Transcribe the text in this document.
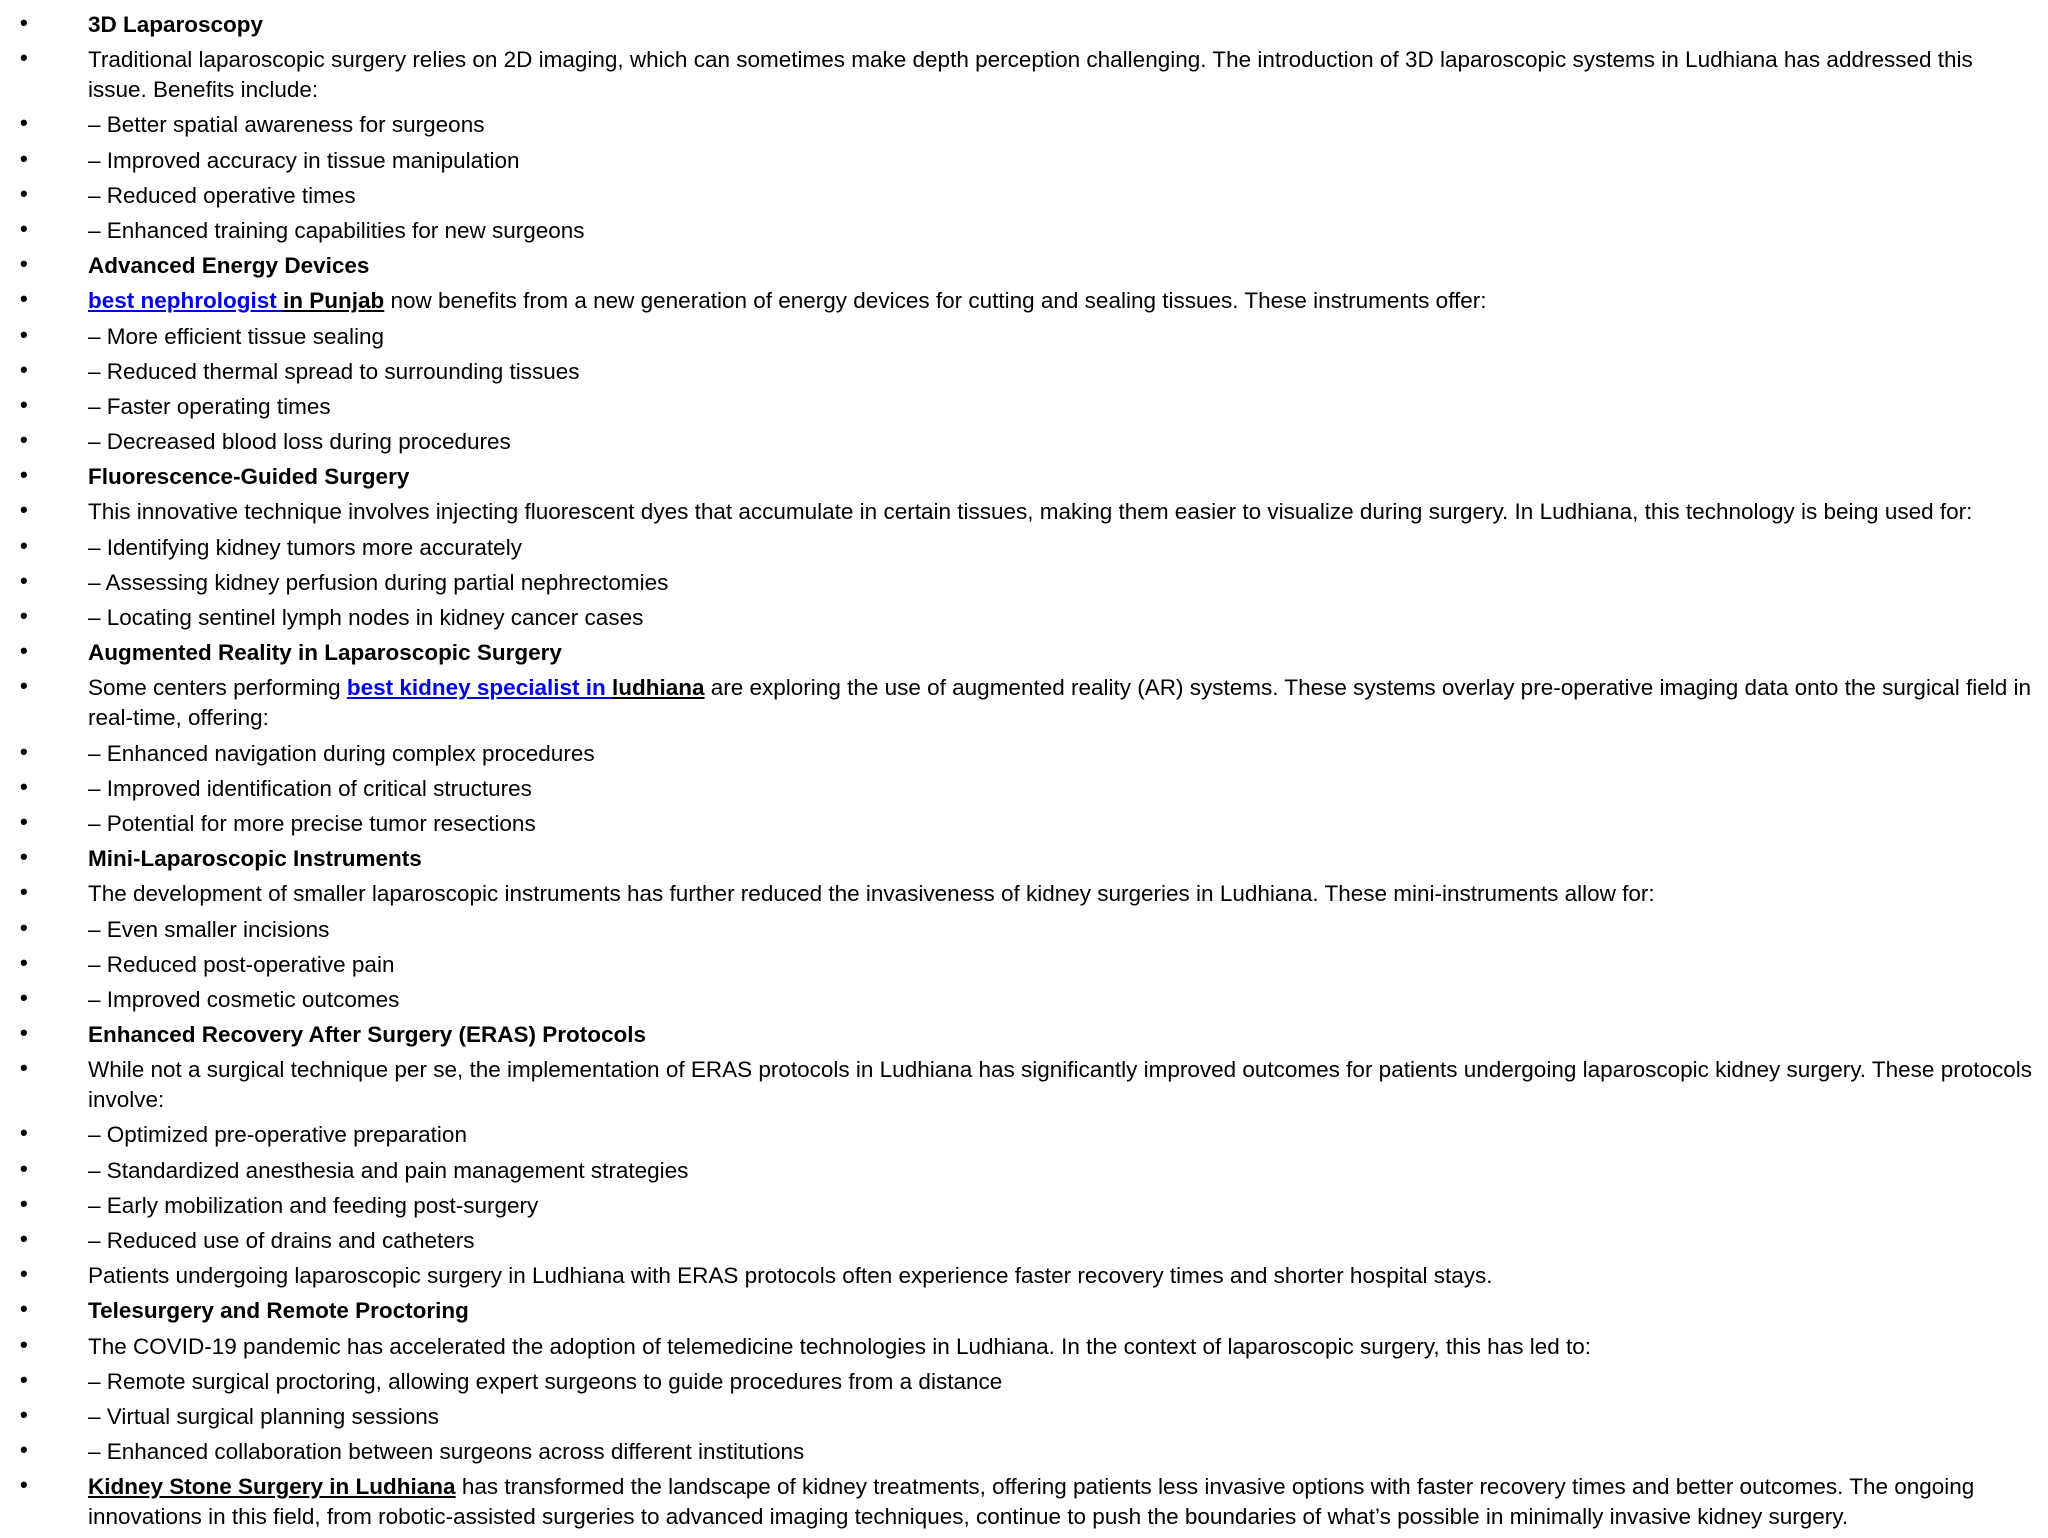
•	3D Laparoscopy
•	Traditional laparoscopic surgery relies on 2D imaging, which can sometimes make depth perception challenging. The introduction of 3D laparoscopic systems in Ludhiana has addressed this issue. Benefits include:
•	– Better spatial awareness for surgeons
•	– Improved accuracy in tissue manipulation
•	– Reduced operative times
•	– Enhanced training capabilities for new surgeons
•	Advanced Energy Devices
•	best nephrologist in Punjab now benefits from a new generation of energy devices for cutting and sealing tissues. These instruments offer:
•	– More efficient tissue sealing
•	– Reduced thermal spread to surrounding tissues
•	– Faster operating times
•	– Decreased blood loss during procedures
•	Fluorescence-Guided Surgery
•	This innovative technique involves injecting fluorescent dyes that accumulate in certain tissues, making them easier to visualize during surgery. In Ludhiana, this technology is being used for:
•	– Identifying kidney tumors more accurately
•	– Assessing kidney perfusion during partial nephrectomies
•	– Locating sentinel lymph nodes in kidney cancer cases
•	Augmented Reality in Laparoscopic Surgery
•	Some centers performing best kidney specialist in ludhiana are exploring the use of augmented reality (AR) systems. These systems overlay pre-operative imaging data onto the surgical field in real-time, offering:
•	– Enhanced navigation during complex procedures
•	– Improved identification of critical structures
•	– Potential for more precise tumor resections
•	Mini-Laparoscopic Instruments
•	The development of smaller laparoscopic instruments has further reduced the invasiveness of kidney surgeries in Ludhiana. These mini-instruments allow for:
•	– Even smaller incisions
•	– Reduced post-operative pain
•	– Improved cosmetic outcomes
•	Enhanced Recovery After Surgery (ERAS) Protocols
•	While not a surgical technique per se, the implementation of ERAS protocols in Ludhiana has significantly improved outcomes for patients undergoing laparoscopic kidney surgery. These protocols involve:
•	– Optimized pre-operative preparation
•	– Standardized anesthesia and pain management strategies
•	– Early mobilization and feeding post-surgery
•	– Reduced use of drains and catheters
•	Patients undergoing laparoscopic surgery in Ludhiana with ERAS protocols often experience faster recovery times and shorter hospital stays.
•	Telesurgery and Remote Proctoring
•	The COVID-19 pandemic has accelerated the adoption of telemedicine technologies in Ludhiana. In the context of laparoscopic surgery, this has led to:
•	– Remote surgical proctoring, allowing expert surgeons to guide procedures from a distance
•	– Virtual surgical planning sessions
•	– Enhanced collaboration between surgeons across different institutions
•	Kidney Stone Surgery in Ludhiana has transformed the landscape of kidney treatments, offering patients less invasive options with faster recovery times and better outcomes. The ongoing innovations in this field, from robotic-assisted surgeries to advanced imaging techniques, continue to push the boundaries of what’s possible in minimally invasive kidney surgery.
